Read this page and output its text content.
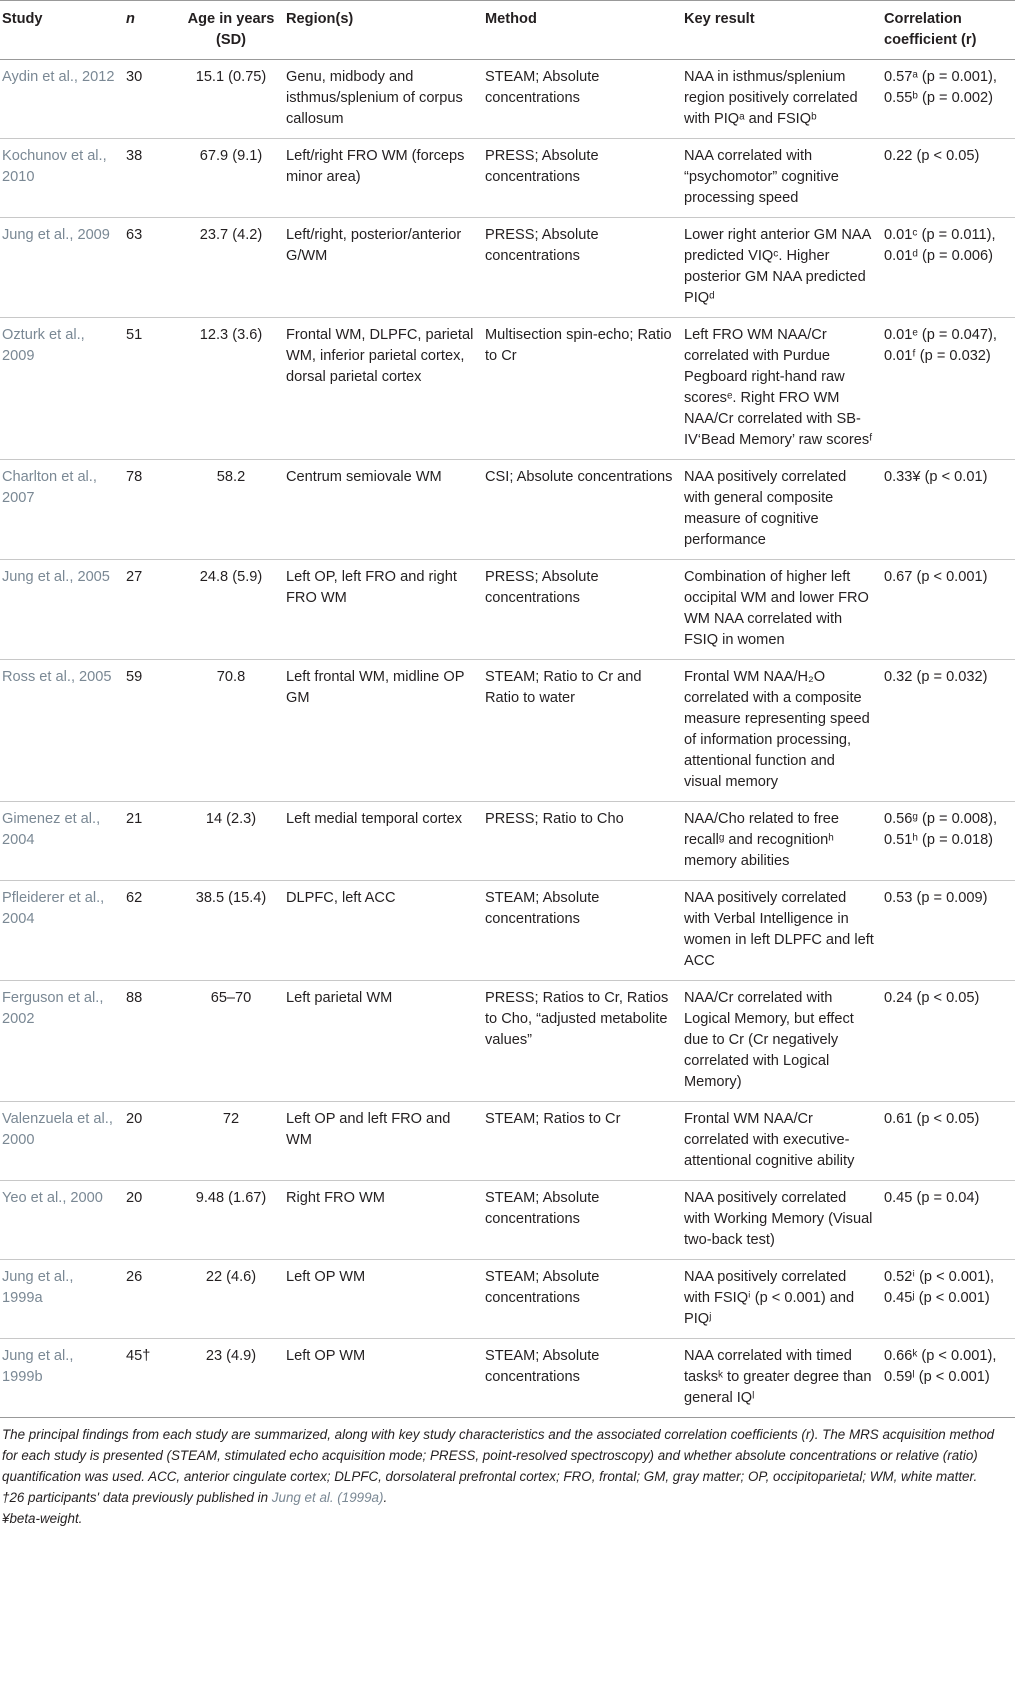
Study	n	Age in years (SD)	Region(s)	Method	Key result	Correlation coefficient (r)
Aydin et al., 2012	30	15.1 (0.75)	Genu, midbody and isthmus/splenium of corpus callosum	STEAM; Absolute concentrations	NAA in isthmus/splenium region positively correlated with PIQᵃ and FSIQᵇ	0.57ᵃ (p = 0.001), 0.55ᵇ (p = 0.002)
Kochunov et al., 2010	38	67.9 (9.1)	Left/right FRO WM (forceps minor area)	PRESS; Absolute concentrations	NAA correlated with “psychomotor” cognitive processing speed	0.22 (p < 0.05)
Jung et al., 2009	63	23.7 (4.2)	Left/right, posterior/anterior G/WM	PRESS; Absolute concentrations	Lower right anterior GM NAA predicted VIQᶜ. Higher posterior GM NAA predicted PIQᵈ	0.01ᶜ (p = 0.011), 0.01ᵈ (p = 0.006)
Ozturk et al., 2009	51	12.3 (3.6)	Frontal WM, DLPFC, parietal WM, inferior parietal cortex, dorsal parietal cortex	Multisection spin-echo; Ratio to Cr	Left FRO WM NAA/Cr correlated with Purdue Pegboard right-hand raw scoresᵉ. Right FRO WM NAA/Cr correlated with SB-IV‘Bead Memory’ raw scoresᶠ	0.01ᵉ (p = 0.047), 0.01ᶠ (p = 0.032)
Charlton et al., 2007	78	58.2	Centrum semiovale WM	CSI; Absolute concentrations	NAA positively correlated with general composite measure of cognitive performance	0.33¥ (p < 0.01)
Jung et al., 2005	27	24.8 (5.9)	Left OP, left FRO and right FRO WM	PRESS; Absolute concentrations	Combination of higher left occipital WM and lower FRO WM NAA correlated with FSIQ in women	0.67 (p < 0.001)
Ross et al., 2005	59	70.8	Left frontal WM, midline OP GM	STEAM; Ratio to Cr and Ratio to water	Frontal WM NAA/H₂O correlated with a composite measure representing speed of information processing, attentional function and visual memory	0.32 (p = 0.032)
Gimenez et al., 2004	21	14 (2.3)	Left medial temporal cortex	PRESS; Ratio to Cho	NAA/Cho related to free recallᵍ and recognitionʰ memory abilities	0.56ᵍ (p = 0.008), 0.51ʰ (p = 0.018)
Pfleiderer et al., 2004	62	38.5 (15.4)	DLPFC, left ACC	STEAM; Absolute concentrations	NAA positively correlated with Verbal Intelligence in women in left DLPFC and left ACC	0.53 (p = 0.009)
Ferguson et al., 2002	88	65–70	Left parietal WM	PRESS; Ratios to Cr, Ratios to Cho, “adjusted metabolite values”	NAA/Cr correlated with Logical Memory, but effect due to Cr (Cr negatively correlated with Logical Memory)	0.24 (p < 0.05)
Valenzuela et al., 2000	20	72	Left OP and left FRO and WM	STEAM; Ratios to Cr	Frontal WM NAA/Cr correlated with executive-attentional cognitive ability	0.61 (p < 0.05)
Yeo et al., 2000	20	9.48 (1.67)	Right FRO WM	STEAM; Absolute concentrations	NAA positively correlated with Working Memory (Visual two-back test)	0.45 (p = 0.04)
Jung et al., 1999a	26	22 (4.6)	Left OP WM	STEAM; Absolute concentrations	NAA positively correlated with FSIQⁱ (p < 0.001) and PIQʲ	0.52ⁱ (p < 0.001), 0.45ʲ (p < 0.001)
Jung et al., 1999b	45†	23 (4.9)	Left OP WM	STEAM; Absolute concentrations	NAA correlated with timed tasksᵏ to greater degree than general IQˡ	0.66ᵏ (p < 0.001), 0.59ˡ (p < 0.001)

The principal findings from each study are summarized, along with key study characteristics and the associated correlation coefficients (r). The MRS acquisition method for each study is presented (STEAM, stimulated echo acquisition mode; PRESS, point-resolved spectroscopy) and whether absolute concentrations or relative (ratio) quantification was used. ACC, anterior cingulate cortex; DLPFC, dorsolateral prefrontal cortex; FRO, frontal; GM, gray matter; OP, occipitoparietal; WM, white matter.

†26 participants' data previously published in Jung et al. (1999a).

¥beta-weight.
